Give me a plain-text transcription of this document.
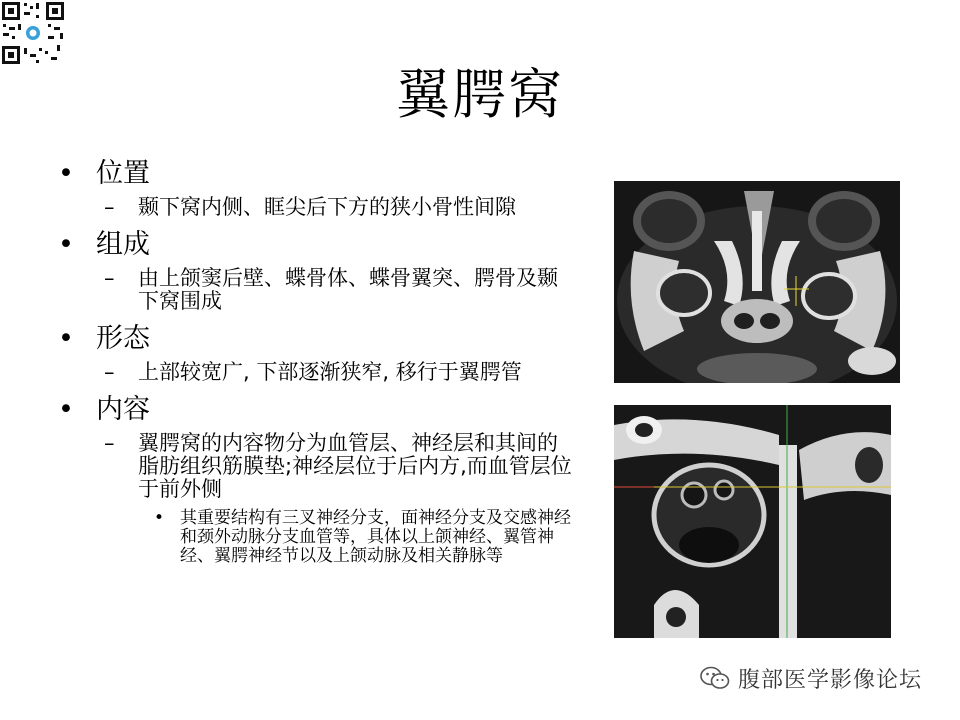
翼腭窝
• 位置
– 颞下窝内侧、眶尖后下方的狭小骨性间隙
• 组成
– 由上颌窦后壁、蝶骨体、蝶骨翼突、腭骨及颞下窝围成
• 形态
– 上部较宽广, 下部逐渐狭窄, 移行于翼腭管
• 内容
– 翼腭窝的内容物分为血管层、神经层和其间的脂肪组织筋膜垫;神经层位于后内方,而血管层位于前外侧
• 其重要结构有三叉神经分支，面神经分支及交感神经和颈外动脉分支血管等，具体以上颌神经、翼管神经、翼腭神经节以及上颌动脉及相关静脉等
腹部医学影像论坛
